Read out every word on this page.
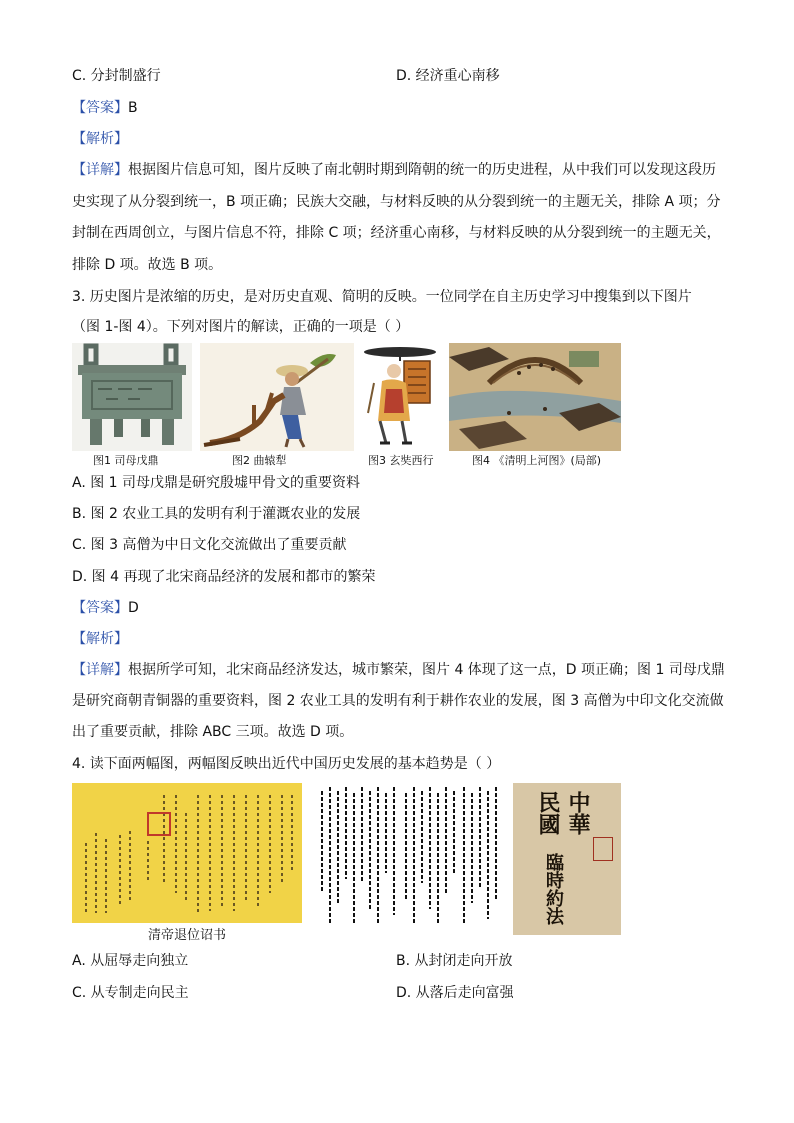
C. 分封制盛行	D. 经济重心南移
【答案】B
【解析】
【详解】根据图片信息可知，图片反映了南北朝时期到隋朝的统一的历史进程，从中我们可以发现这段历
史实现了从分裂到统一，B 项正确；民族大交融，与材料反映的从分裂到统一的主题无关，排除 A 项；分
封制在西周创立，与图片信息不符，排除 C 项；经济重心南移，与材料反映的从分裂到统一的主题无关，
排除 D 项。故选 B 项。
3. 历史图片是浓缩的历史，是对历史直观、简明的反映。一位同学在自主历史学习中搜集到以下图片
（图 1-图 4）。下列对图片的解读，正确的一项是（ ）
图1 司母戊鼎	图2 曲辕犁	图3 玄奘西行	图4 《清明上河图》(局部)
A. 图 1 司母戊鼎是研究殷墟甲骨文的重要资料
B. 图 2 农业工具的发明有利于灌溉农业的发展
C. 图 3 高僧为中日文化交流做出了重要贡献
D. 图 4 再现了北宋商品经济的发展和都市的繁荣
【答案】D
【解析】
【详解】根据所学可知，北宋商品经济发达，城市繁荣，图片 4 体现了这一点，D 项正确；图 1 司母戊鼎
是研究商朝青铜器的重要资料，图 2 农业工具的发明有利于耕作农业的发展，图 3 高僧为中印文化交流做
出了重要贡献，排除 ABC 三项。故选 D 项。
4. 读下面两幅图，两幅图反映出近代中国历史发展的基本趋势是（ ）
清帝退位诏书
中華
民國
臨時約法
A. 从屈辱走向独立	B. 从封闭走向开放
C. 从专制走向民主	D. 从落后走向富强
